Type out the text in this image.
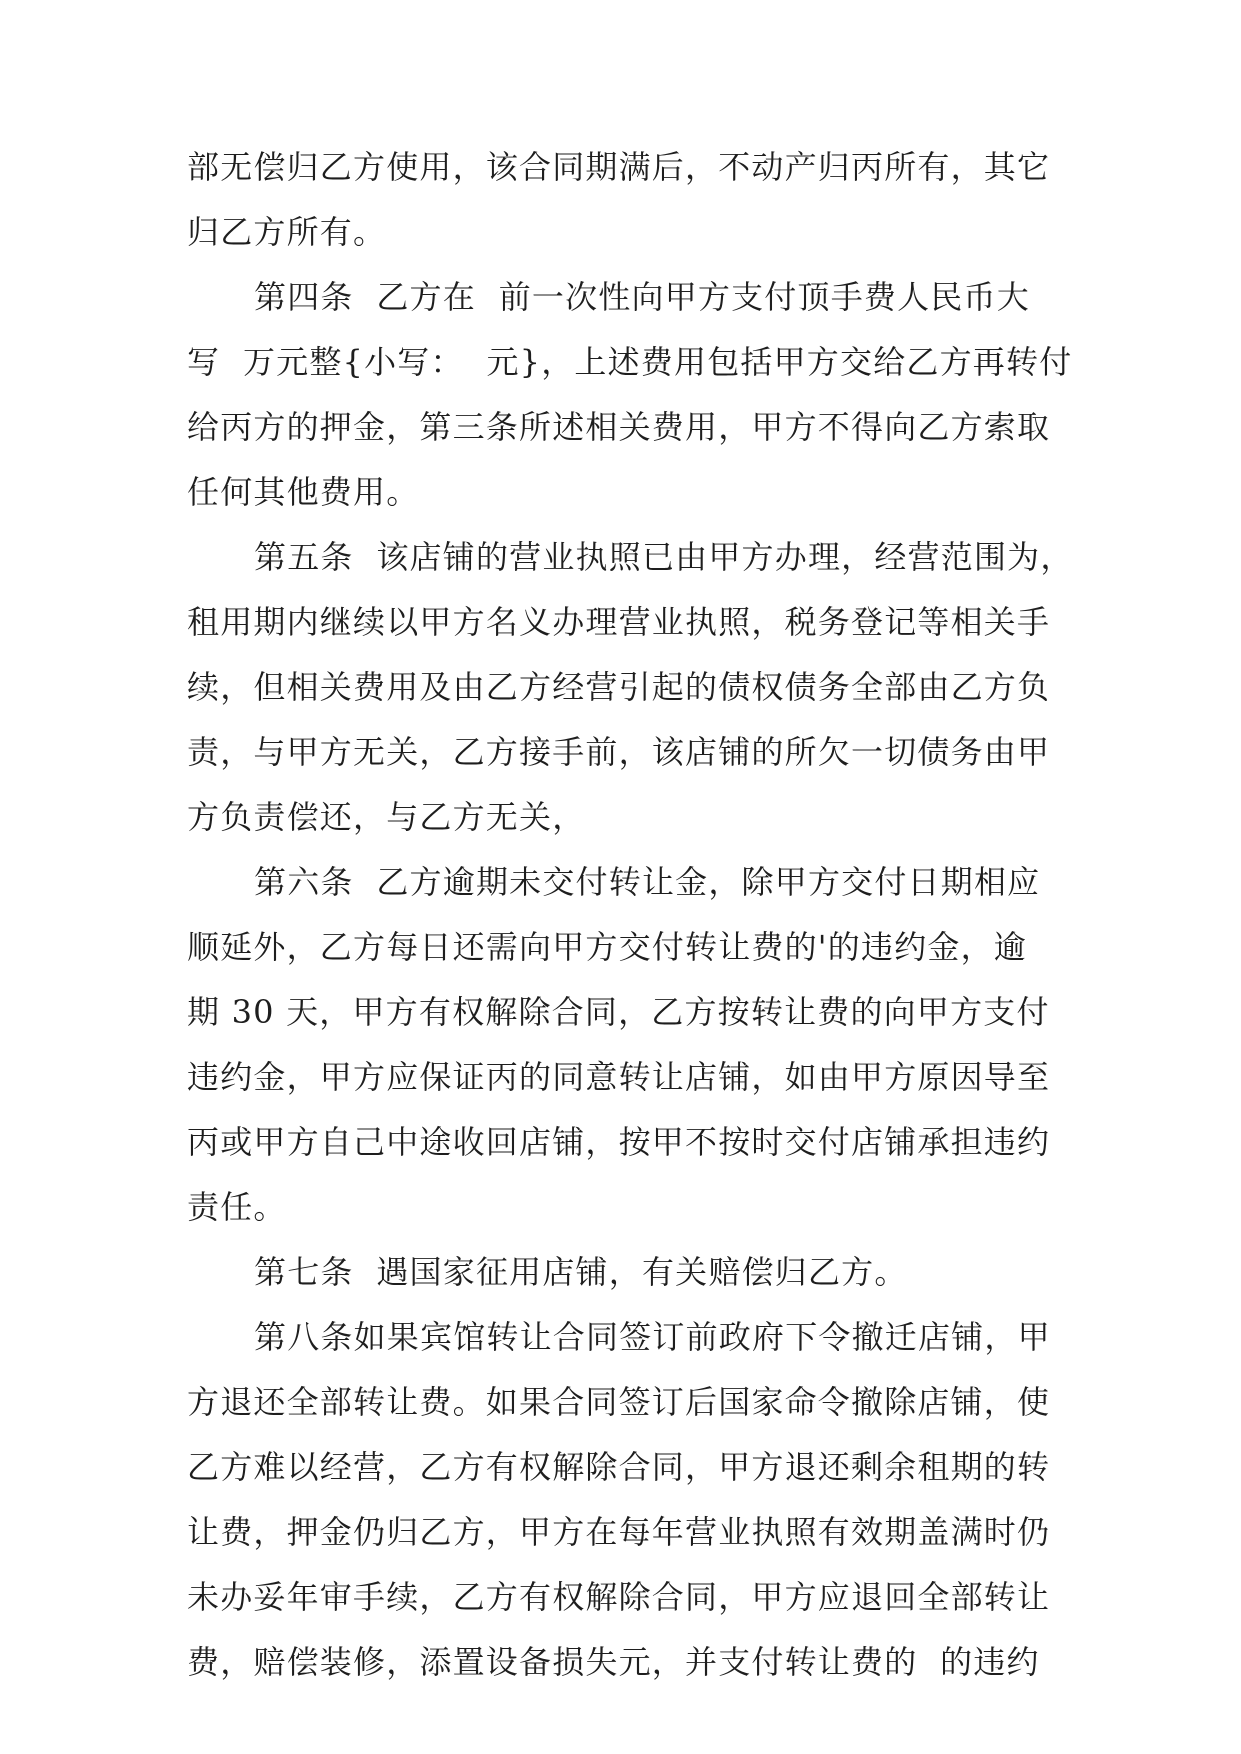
部无偿归乙方使用，该合同期满后，不动产归丙所有，其它
归乙方所有。
第四条  乙方在  前一次性向甲方支付顶手费人民币大
写  万元整{小写：  元}，上述费用包括甲方交给乙方再转付
给丙方的押金，第三条所述相关费用，甲方不得向乙方索取
任何其他费用。
第五条  该店铺的营业执照已由甲方办理，经营范围为，
租用期内继续以甲方名义办理营业执照，税务登记等相关手
续，但相关费用及由乙方经营引起的债权债务全部由乙方负
责，与甲方无关，乙方接手前，该店铺的所欠一切债务由甲
方负责偿还，与乙方无关，
第六条  乙方逾期未交付转让金，除甲方交付日期相应
顺延外，乙方每日还需向甲方交付转让费的'的违约金，逾
期 30 天，甲方有权解除合同，乙方按转让费的向甲方支付
违约金，甲方应保证丙的同意转让店铺，如由甲方原因导至
丙或甲方自己中途收回店铺，按甲不按时交付店铺承担违约
责任。
第七条  遇国家征用店铺，有关赔偿归乙方。
第八条如果宾馆转让合同签订前政府下令撤迁店铺，甲
方退还全部转让费。如果合同签订后国家命令撤除店铺，使
乙方难以经营，乙方有权解除合同，甲方退还剩余租期的转
让费，押金仍归乙方，甲方在每年营业执照有效期盖满时仍
未办妥年审手续，乙方有权解除合同，甲方应退回全部转让
费，赔偿装修，添置设备损失元，并支付转让费的  的违约
